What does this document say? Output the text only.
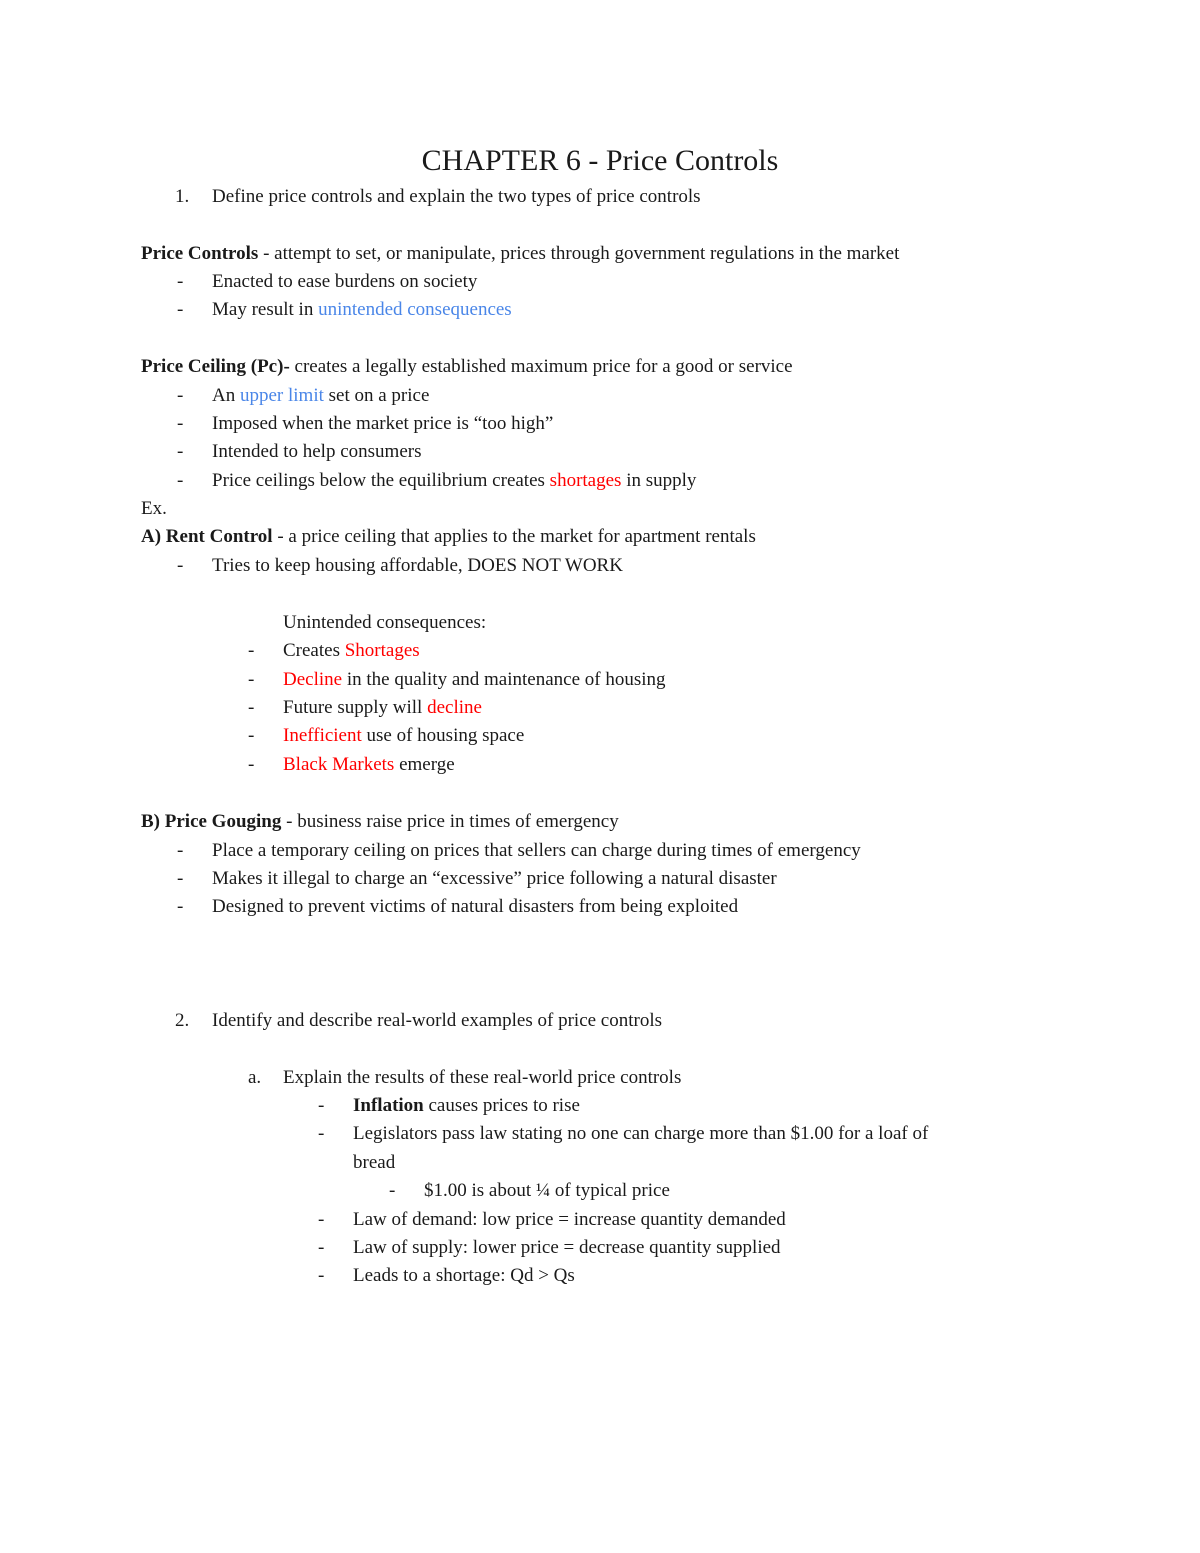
CHAPTER 6 - Price Controls
1. Define price controls and explain the two types of price controls
Price Controls - attempt to set, or manipulate, prices through government regulations in the market
- Enacted to ease burdens on society
- May result in unintended consequences
Price Ceiling (Pc)- creates a legally established maximum price for a good or service
- An upper limit set on a price
- Imposed when the market price is “too high”
- Intended to help consumers
- Price ceilings below the equilibrium creates shortages in supply
Ex.
A) Rent Control - a price ceiling that applies to the market for apartment rentals
- Tries to keep housing affordable, DOES NOT WORK
Unintended consequences:
- Creates Shortages
- Decline in the quality and maintenance of housing
- Future supply will decline
- Inefficient use of housing space
- Black Markets emerge
B) Price Gouging - business raise price in times of emergency
- Place a temporary ceiling on prices that sellers can charge during times of emergency
- Makes it illegal to charge an “excessive” price following a natural disaster
- Designed to prevent victims of natural disasters from being exploited
2. Identify and describe real-world examples of price controls
a. Explain the results of these real-world price controls
- Inflation causes prices to rise
- Legislators pass law stating no one can charge more than $1.00 for a loaf of
bread
- $1.00 is about ¼ of typical price
- Law of demand: low price = increase quantity demanded
- Law of supply: lower price = decrease quantity supplied
- Leads to a shortage: Qd > Qs
